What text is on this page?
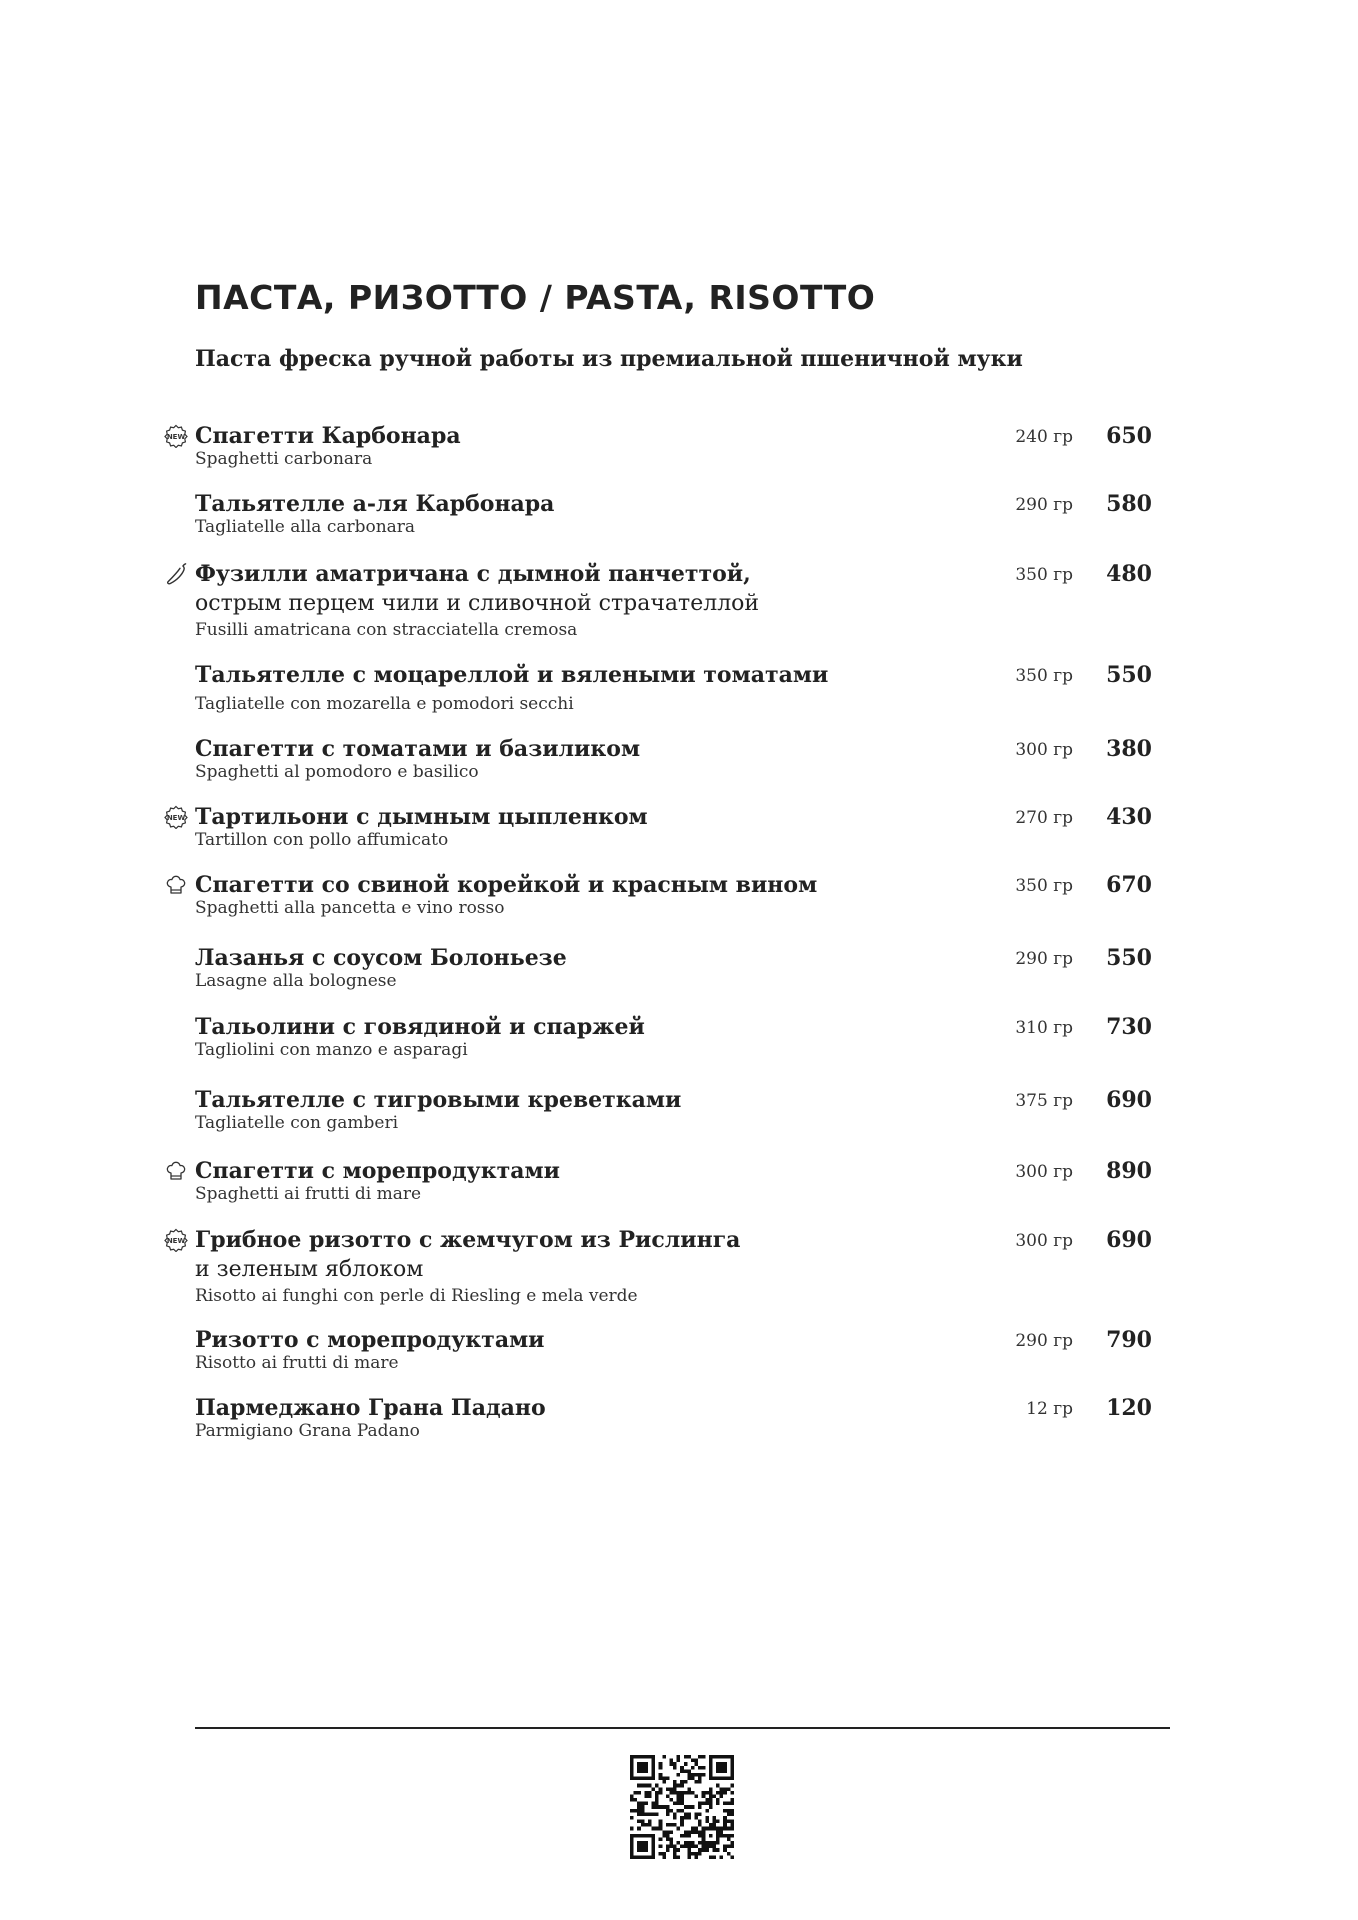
ПАСТА, РИЗОТТО / PASTA, RISOTTO
Паста фреска ручной работы из премиальной пшеничной муки
NEW Спагетти Карбонара
Spaghetti carbonara
240 гр 650
Тальятелле а-ля Карбонара
Tagliatelle alla carbonara
290 гр 580
Фузилли аматричана с дымной панчеттой,
острым перцем чили и сливочной страчателлой
Fusilli amatricana con stracciatella cremosa
350 гр 480
Тальятелле с моцареллой и вялеными томатами
Tagliatelle con mozarella e pomodori secchi
350 гр 550
Спагетти с томатами и базиликом
Spaghetti al pomodoro e basilico
300 гр 380
NEW Тартильони с дымным цыпленком
Tartillon con pollo affumicato
270 гр 430
Спагетти со свиной корейкой и красным вином
Spaghetti alla pancetta e vino rosso
350 гр 670
Лазанья с соусом Болоньезе
Lasagne alla bolognese
290 гр 550
Тальолини с говядиной и спаржей
Tagliolini con manzo e asparagi
310 гр 730
Тальятелле с тигровыми креветками
Tagliatelle con gamberi
375 гр 690
Спагетти с морепродуктами
Spaghetti ai frutti di mare
300 гр 890
NEW Грибное ризотто с жемчугом из Рислинга
и зеленым яблоком
Risotto ai funghi con perle di Riesling e mela verde
300 гр 690
Ризотто с морепродуктами
Risotto ai frutti di mare
290 гр 790
Пармеджано Грана Падано
Parmigiano Grana Padano
12 гр 120
